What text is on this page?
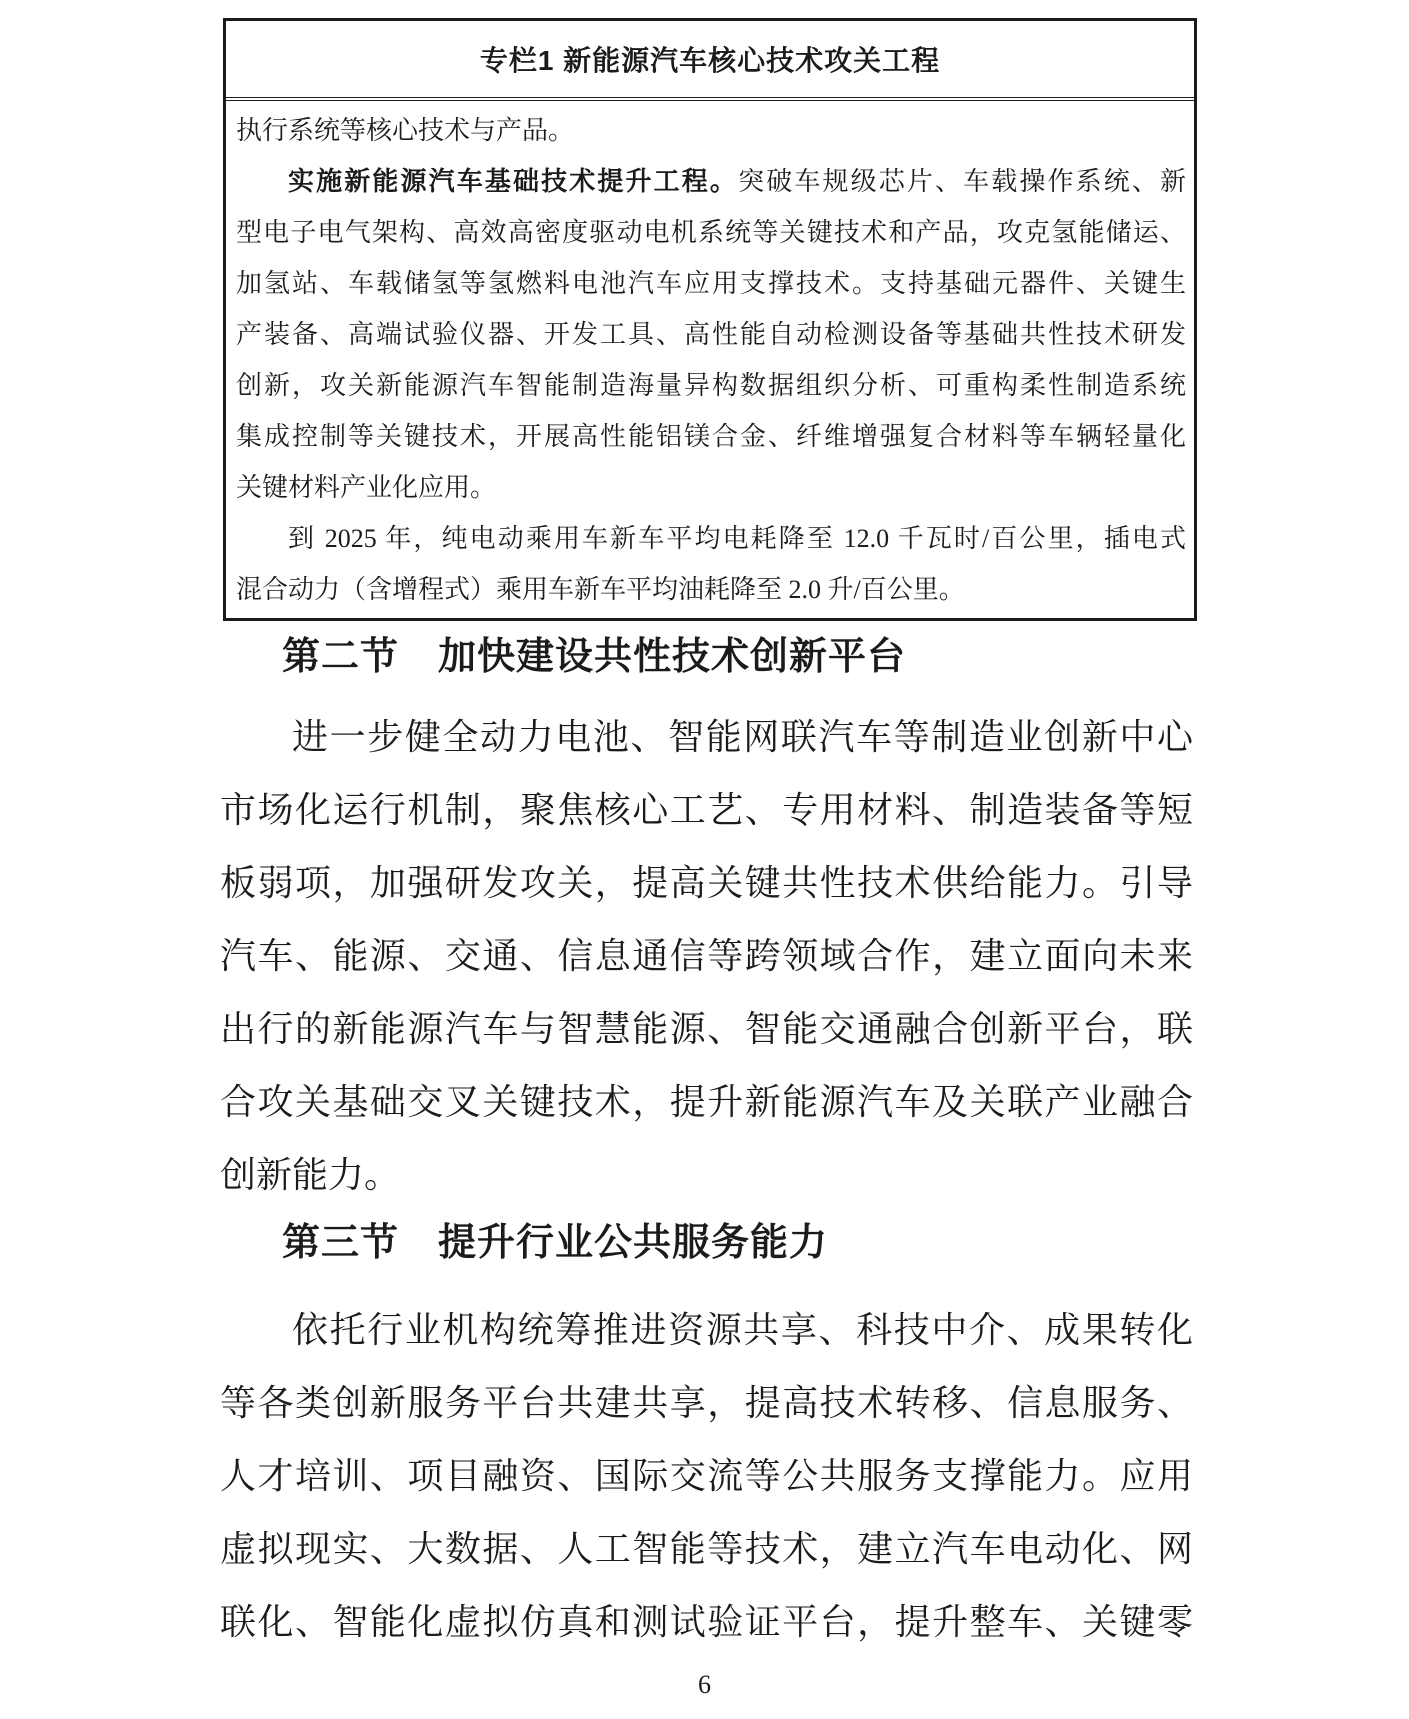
专栏1 新能源汽车核心技术攻关工程
执行系统等核心技术与产品。
实施新能源汽车基础技术提升工程。突破车规级芯片、车载操作系统、新
型电子电气架构、高效高密度驱动电机系统等关键技术和产品，攻克氢能储运、
加氢站、车载储氢等氢燃料电池汽车应用支撑技术。支持基础元器件、关键生
产装备、高端试验仪器、开发工具、高性能自动检测设备等基础共性技术研发
创新，攻关新能源汽车智能制造海量异构数据组织分析、可重构柔性制造系统
集成控制等关键技术，开展高性能铝镁合金、纤维增强复合材料等车辆轻量化
关键材料产业化应用。
到 2025 年，纯电动乘用车新车平均电耗降至 12.0 千瓦时/百公里，插电式
混合动力（含增程式）乘用车新车平均油耗降至 2.0 升/百公里。
第二节　加快建设共性技术创新平台
进一步健全动力电池、智能网联汽车等制造业创新中心
市场化运行机制，聚焦核心工艺、专用材料、制造装备等短
板弱项，加强研发攻关，提高关键共性技术供给能力。引导
汽车、能源、交通、信息通信等跨领域合作，建立面向未来
出行的新能源汽车与智慧能源、智能交通融合创新平台，联
合攻关基础交叉关键技术，提升新能源汽车及关联产业融合
创新能力。
第三节　提升行业公共服务能力
依托行业机构统筹推进资源共享、科技中介、成果转化
等各类创新服务平台共建共享，提高技术转移、信息服务、
人才培训、项目融资、国际交流等公共服务支撑能力。应用
虚拟现实、大数据、人工智能等技术，建立汽车电动化、网
联化、智能化虚拟仿真和测试验证平台，提升整车、关键零
6
